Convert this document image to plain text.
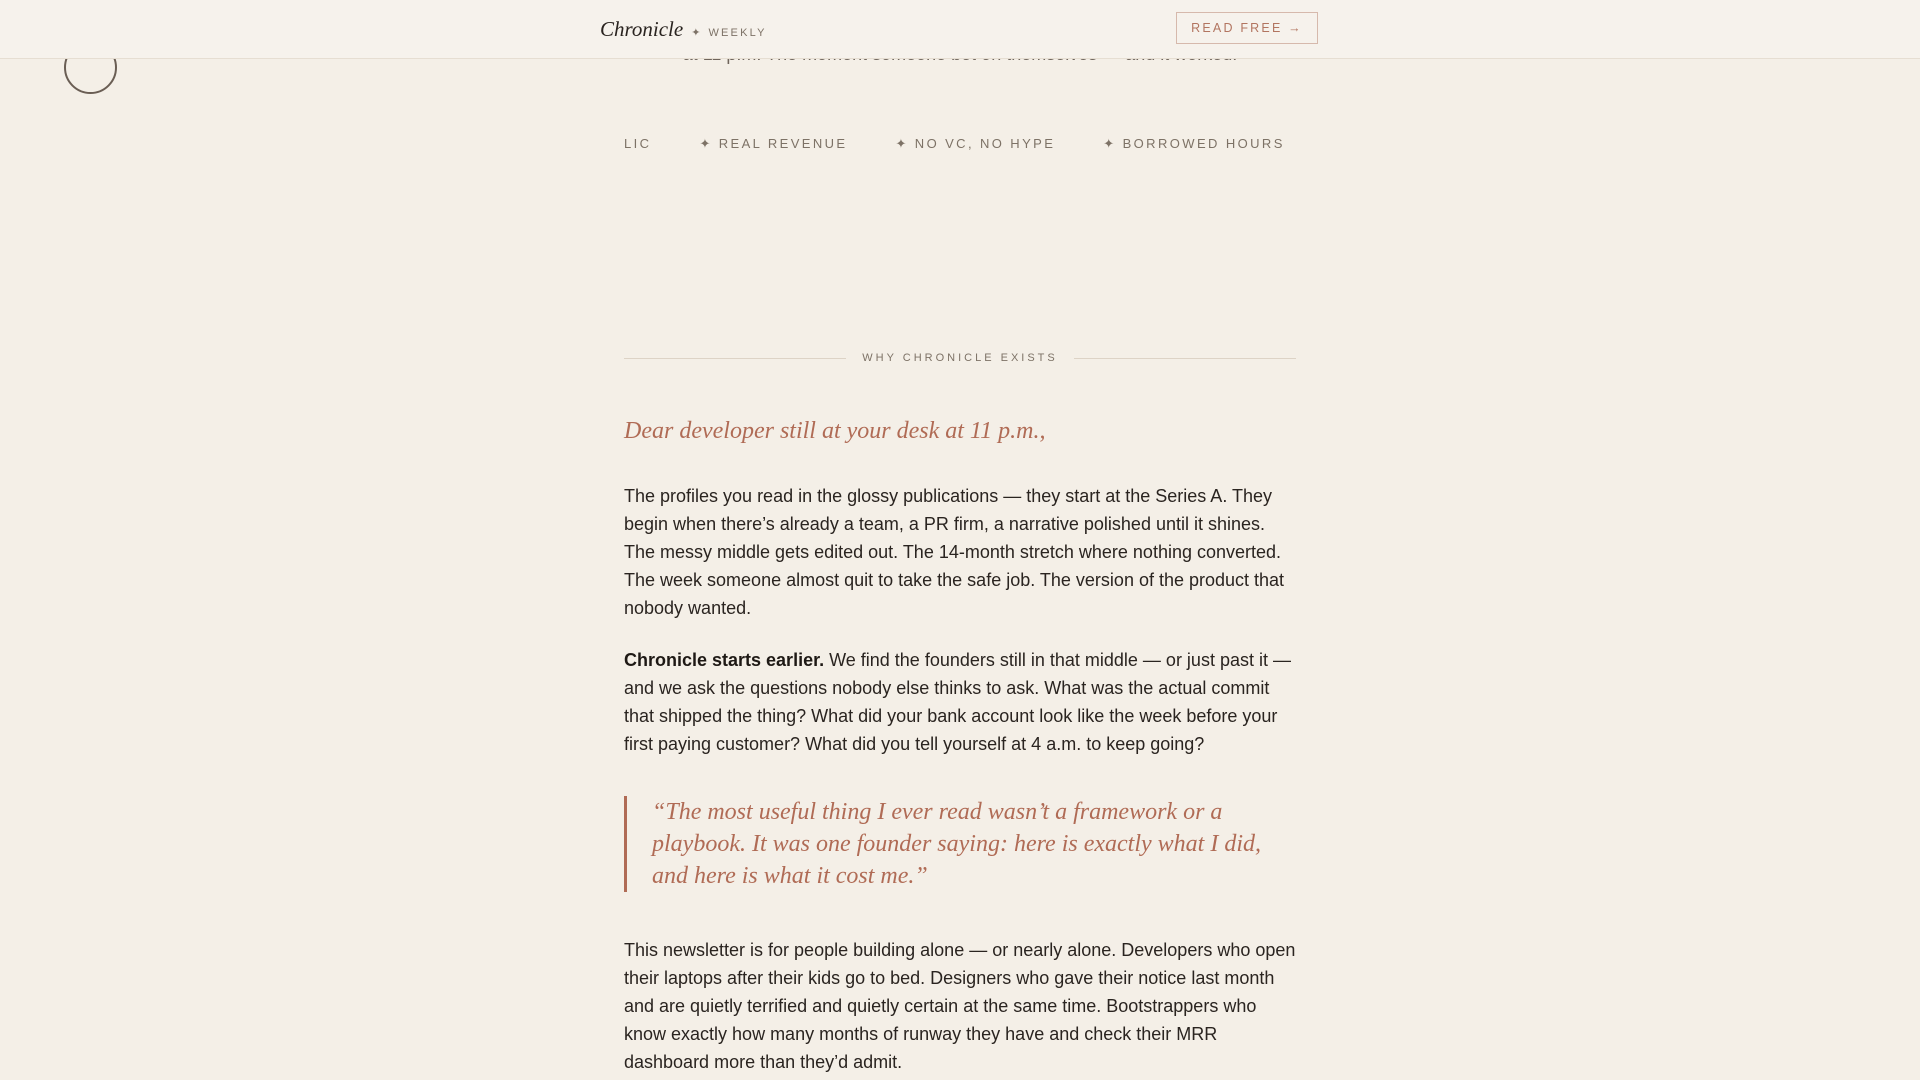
Chronicle ✦ WEEKLY	READ FREE →
LIC	✦ REAL REVENUE	✦ NO VC, NO HYPE	✦ BORROWED HOURS
WHY CHRONICLE EXISTS

Dear developer still at your desk at 11 p.m.,

The profiles you read in the glossy publications — they start at the Series A. They begin when there’s already a team, a PR firm, a narrative polished until it shines. The messy middle gets edited out. The 14-month stretch where nothing converted. The week someone almost quit to take the safe job. The version of the product that nobody wanted.

Chronicle starts earlier. We find the founders still in that middle — or just past it — and we ask the questions nobody else thinks to ask. What was the actual commit that shipped the thing? What did your bank account look like the week before your first paying customer? What did you tell yourself at 4 a.m. to keep going?

“The most useful thing I ever read wasn’t a framework or a playbook. It was one founder saying: here is exactly what I did, and here is what it cost me.”

This newsletter is for people building alone — or nearly alone. Developers who open their laptops after their kids go to bed. Designers who gave their notice last month and are quietly terrified and quietly certain at the same time. Bootstrappers who know exactly how many months of runway they have and check their MRR dashboard more than they’d admit.
